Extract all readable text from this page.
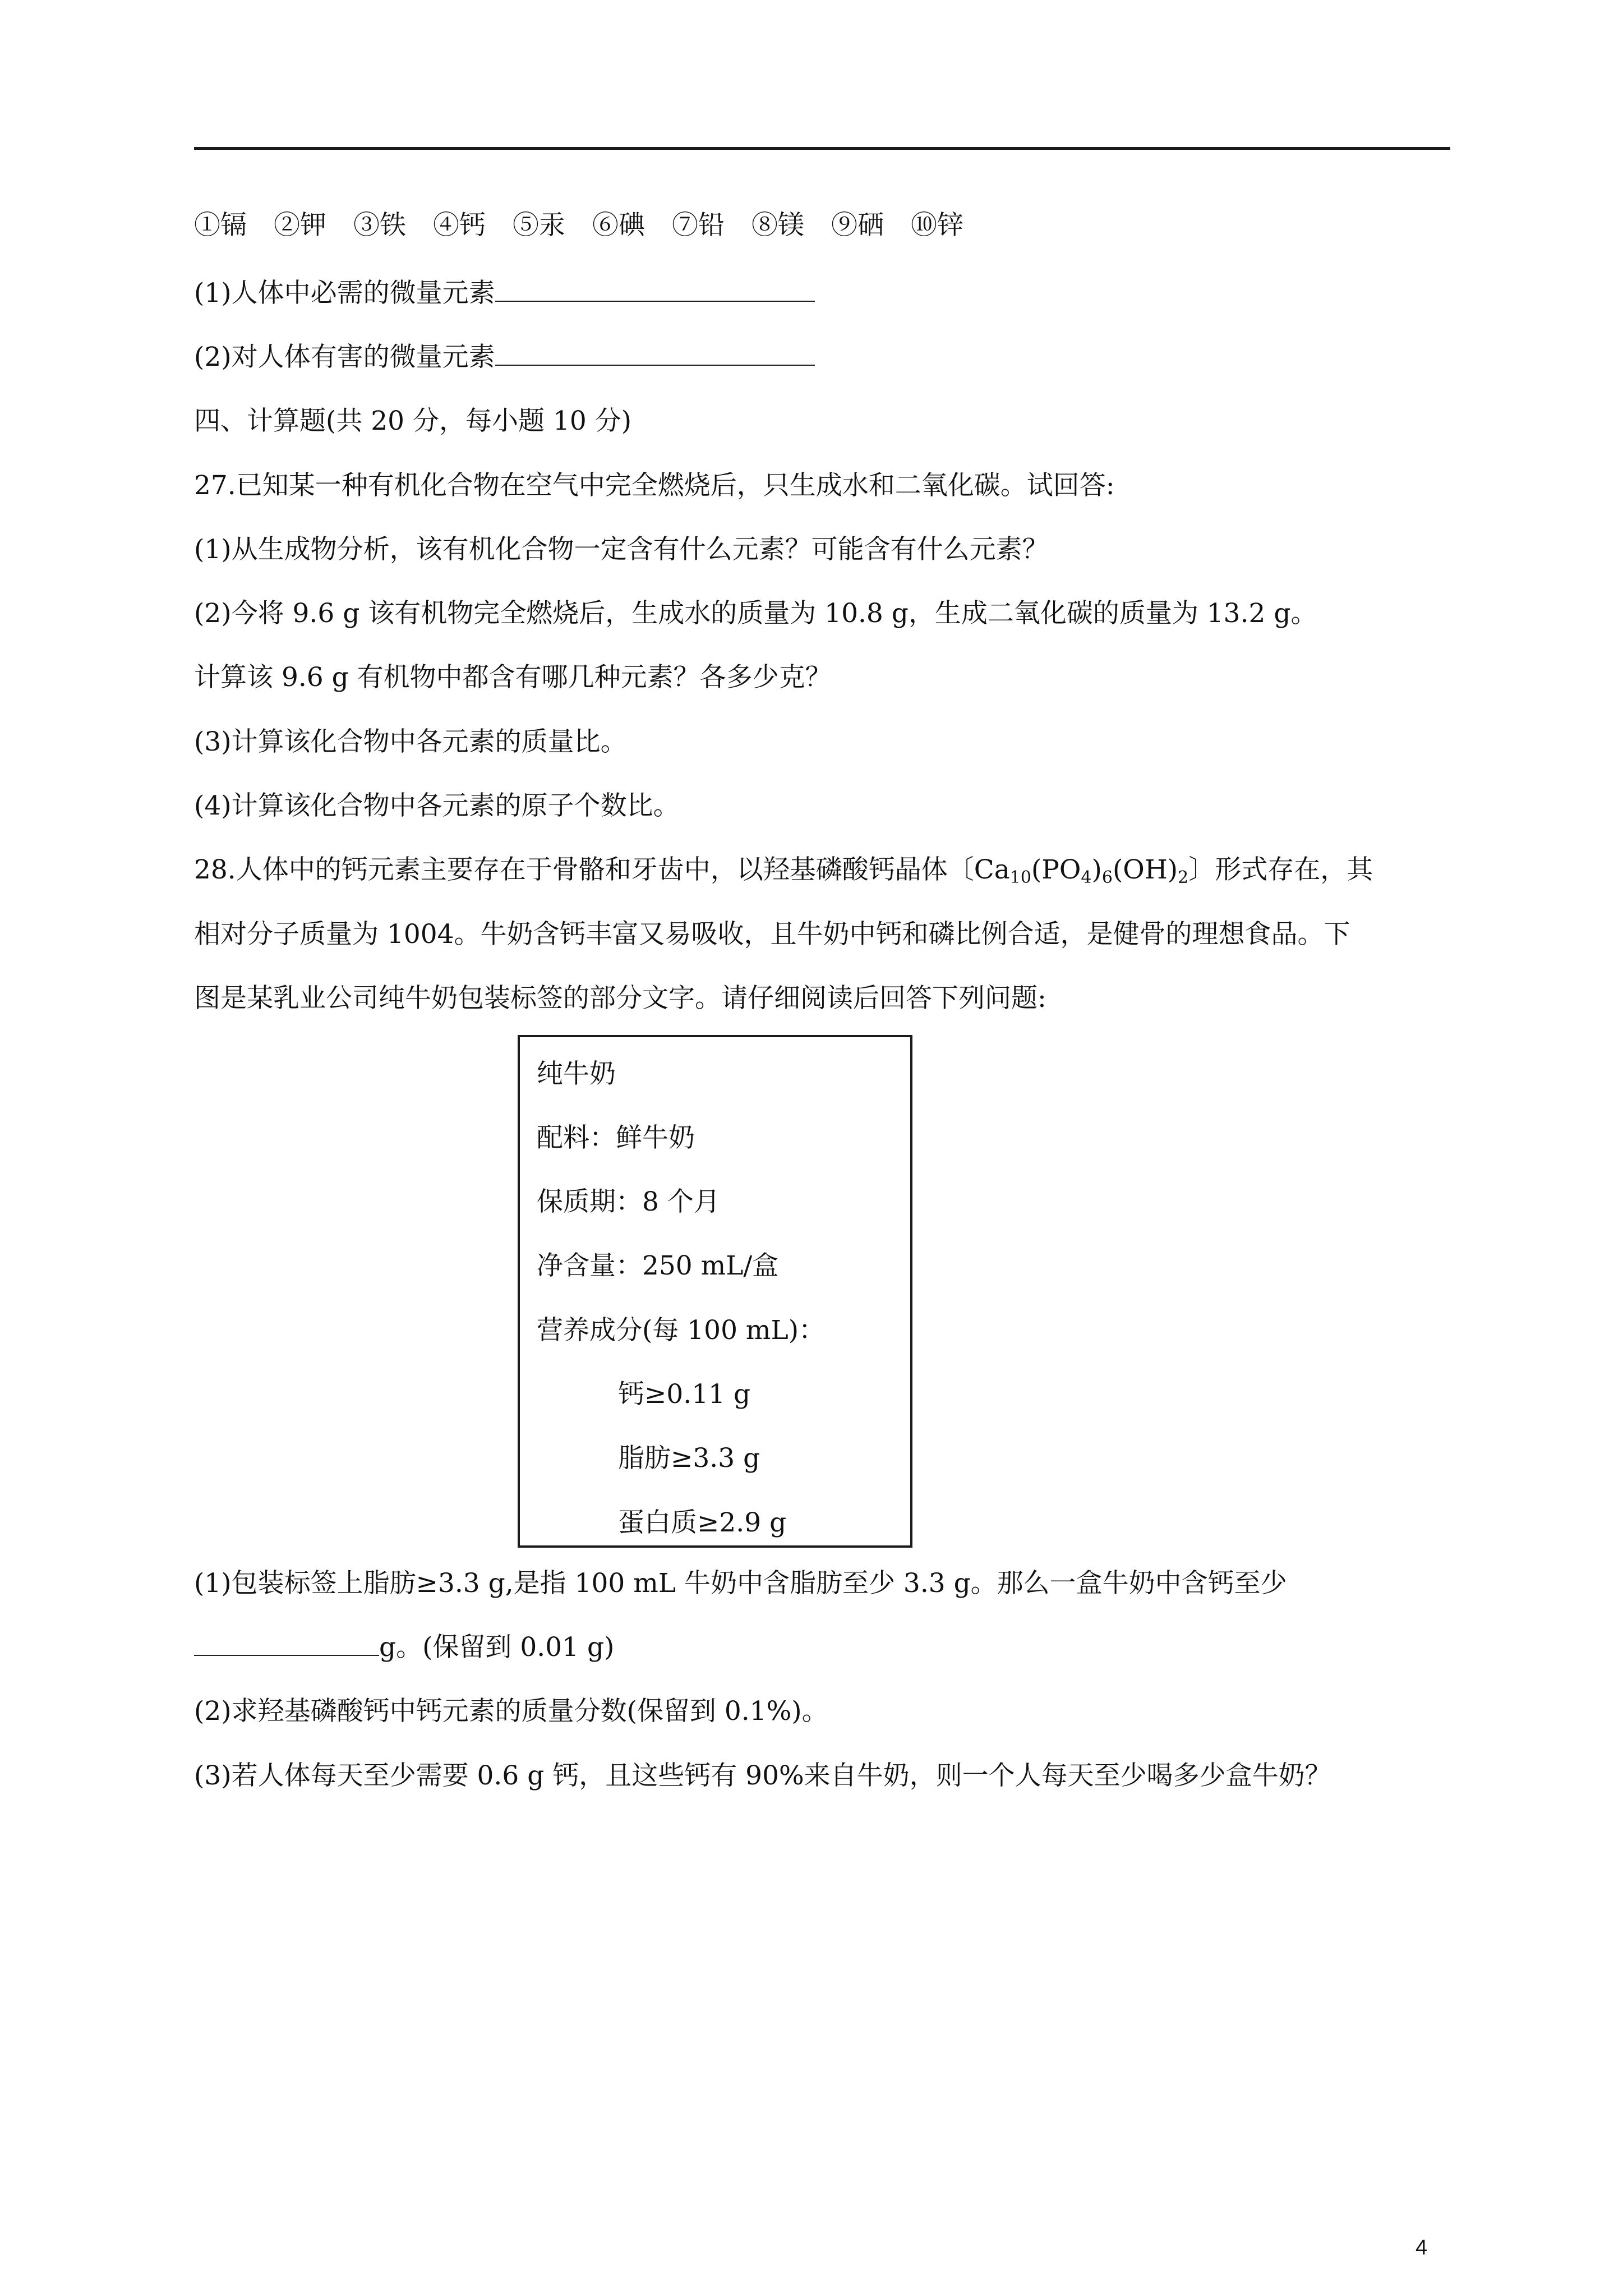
①镉 ②钾 ③铁 ④钙 ⑤汞 ⑥碘 ⑦铅 ⑧镁 ⑨硒 ⑩锌
(1)人体中必需的微量元素
(2)对人体有害的微量元素
四、计算题(共 20 分，每小题 10 分)
27.已知某一种有机化合物在空气中完全燃烧后，只生成水和二氧化碳。试回答:
(1)从生成物分析，该有机化合物一定含有什么元素？可能含有什么元素？
(2)今将 9.6 g 该有机物完全燃烧后，生成水的质量为 10.8 g，生成二氧化碳的质量为 13.2 g。
计算该 9.6 g 有机物中都含有哪几种元素？各多少克？
(3)计算该化合物中各元素的质量比。
(4)计算该化合物中各元素的原子个数比。
28.人体中的钙元素主要存在于骨骼和牙齿中，以羟基磷酸钙晶体〔$Ca_{10}(PO_4)_6(OH)_2$〕形式存在，其
相对分子质量为 1004。牛奶含钙丰富又易吸收，且牛奶中钙和磷比例合适，是健骨的理想食品。下
图是某乳业公司纯牛奶包装标签的部分文字。请仔细阅读后回答下列问题:
纯牛奶
配料：鲜牛奶
保质期：8 个月
净含量：250 mL/盒
营养成分(每 100 mL)：
钙≥0.11 g
脂肪≥3.3 g
蛋白质≥2.9 g
(1)包装标签上脂肪≥3.3 g,是指 100 mL 牛奶中含脂肪至少 3.3 g。那么一盒牛奶中含钙至少
g。(保留到 0.01 g)
(2)求羟基磷酸钙中钙元素的质量分数(保留到 0.1%)。
(3)若人体每天至少需要 0.6 g 钙，且这些钙有 90%来自牛奶，则一个人每天至少喝多少盒牛奶？
4
